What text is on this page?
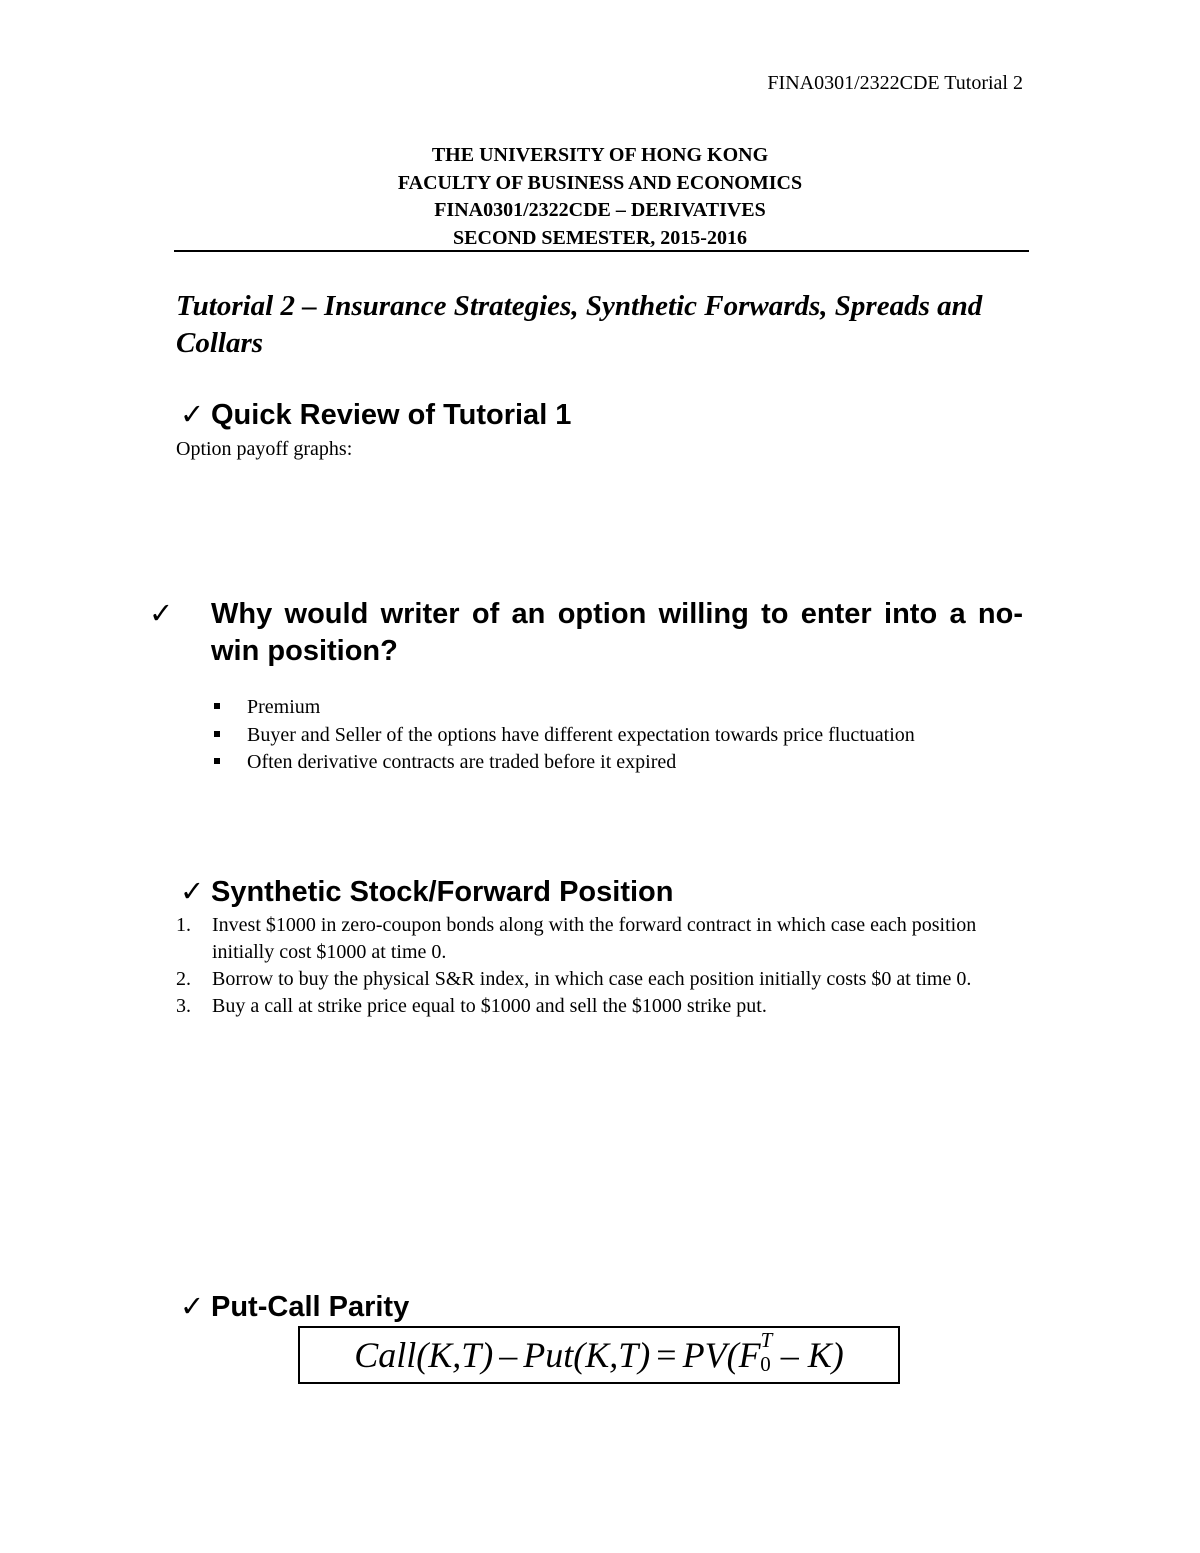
FINA0301/2322CDE Tutorial 2
THE UNIVERSITY OF HONG KONG
FACULTY OF BUSINESS AND ECONOMICS
FINA0301/2322CDE – DERIVATIVES
SECOND SEMESTER, 2015-2016
Tutorial 2 – Insurance Strategies, Synthetic Forwards, Spreads and Collars
✓ Quick Review of Tutorial 1
Option payoff graphs:
✓ Why would writer of an option willing to enter into a no-win position?
Premium
Buyer and Seller of the options have different expectation towards price fluctuation
Often derivative contracts are traded before it expired
✓ Synthetic Stock/Forward Position
1. Invest $1000 in zero-coupon bonds along with the forward contract in which case each position initially cost $1000 at time 0.
2. Borrow to buy the physical S&R index, in which case each position initially costs $0 at time 0.
3. Buy a call at strike price equal to $1000 and sell the $1000 strike put.
✓ Put-Call Parity
Call(K,T) – Put(K,T) = PV(F T
0 – K)
